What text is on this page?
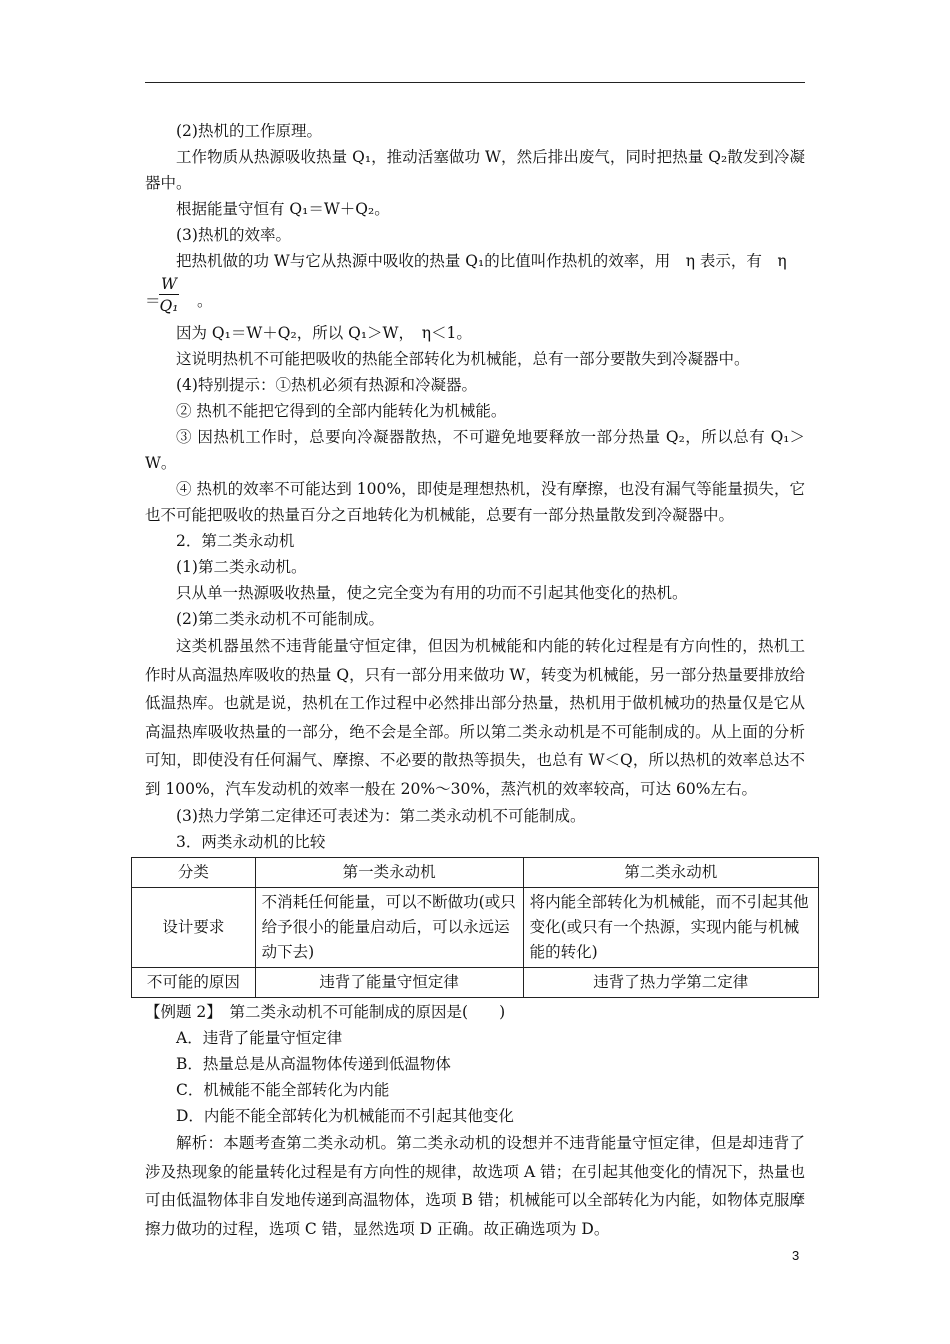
(2)热机的工作原理。

工作物质从热源吸收热量 Q₁，推动活塞做功 W，然后排出废气，同时把热量 Q₂散发到冷凝器中。

根据能量守恒有 Q₁＝W＋Q₂。

(3)热机的效率。

把热机做的功 W与它从热源中吸收的热量 Q₁的比值叫作热机的效率，用　η 表示，有　η

＝
W
Q₁ 。

因为 Q₁＝W＋Q₂，所以 Q₁＞W，　η＜1。

这说明热机不可能把吸收的热能全部转化为机械能，总有一部分要散失到冷凝器中。

(4)特别提示：①热机必须有热源和冷凝器。

② 热机不能把它得到的全部内能转化为机械能。

③ 因热机工作时，总要向冷凝器散热，不可避免地要释放一部分热量 Q₂，所以总有 Q₁＞W。

④ 热机的效率不可能达到 100%，即使是理想热机，没有摩擦，也没有漏气等能量损失，它也不可能把吸收的热量百分之百地转化为机械能，总要有一部分热量散发到冷凝器中。

2．第二类永动机

(1)第二类永动机。

只从单一热源吸收热量，使之完全变为有用的功而不引起其他变化的热机。

(2)第二类永动机不可能制成。

这类机器虽然不违背能量守恒定律，但因为机械能和内能的转化过程是有方向性的，热机工作时从高温热库吸收的热量 Q，只有一部分用来做功 W，转变为机械能，另一部分热量要排放给低温热库。也就是说，热机在工作过程中必然排出部分热量，热机用于做机械功的热量仅是它从高温热库吸收热量的一部分，绝不会是全部。所以第二类永动机是不可能制成的。从上面的分析可知，即使没有任何漏气、摩擦、不必要的散热等损失，也总有 W＜Q，所以热机的效率总达不到 100%，汽车发动机的效率一般在 20%～30%，蒸汽机的效率较高，可达 60%左右。

(3)热力学第二定律还可表述为：第二类永动机不可能制成。

3．两类永动机的比较

分类	第一类永动机	第二类永动机
设计要求	不消耗任何能量，可以不断做功(或只给予很小的能量启动后，可以永远运动下去)	将内能全部转化为机械能，而不引起其他变化(或只有一个热源，实现内能与机械能的转化)
不可能的原因	违背了能量守恒定律	违背了热力学第二定律

【例题 2】　第二类永动机不可能制成的原因是(　　)

A．违背了能量守恒定律

B．热量总是从高温物体传递到低温物体

C．机械能不能全部转化为内能

D．内能不能全部转化为机械能而不引起其他变化

解析：本题考查第二类永动机。第二类永动机的设想并不违背能量守恒定律，但是却违背了涉及热现象的能量转化过程是有方向性的规律，故选项 A 错；在引起其他变化的情况下，热量也可由低温物体非自发地传递到高温物体，选项 B 错；机械能可以全部转化为内能，如物体克服摩擦力做功的过程，选项 C 错，显然选项 D 正确。故正确选项为 D。

3
